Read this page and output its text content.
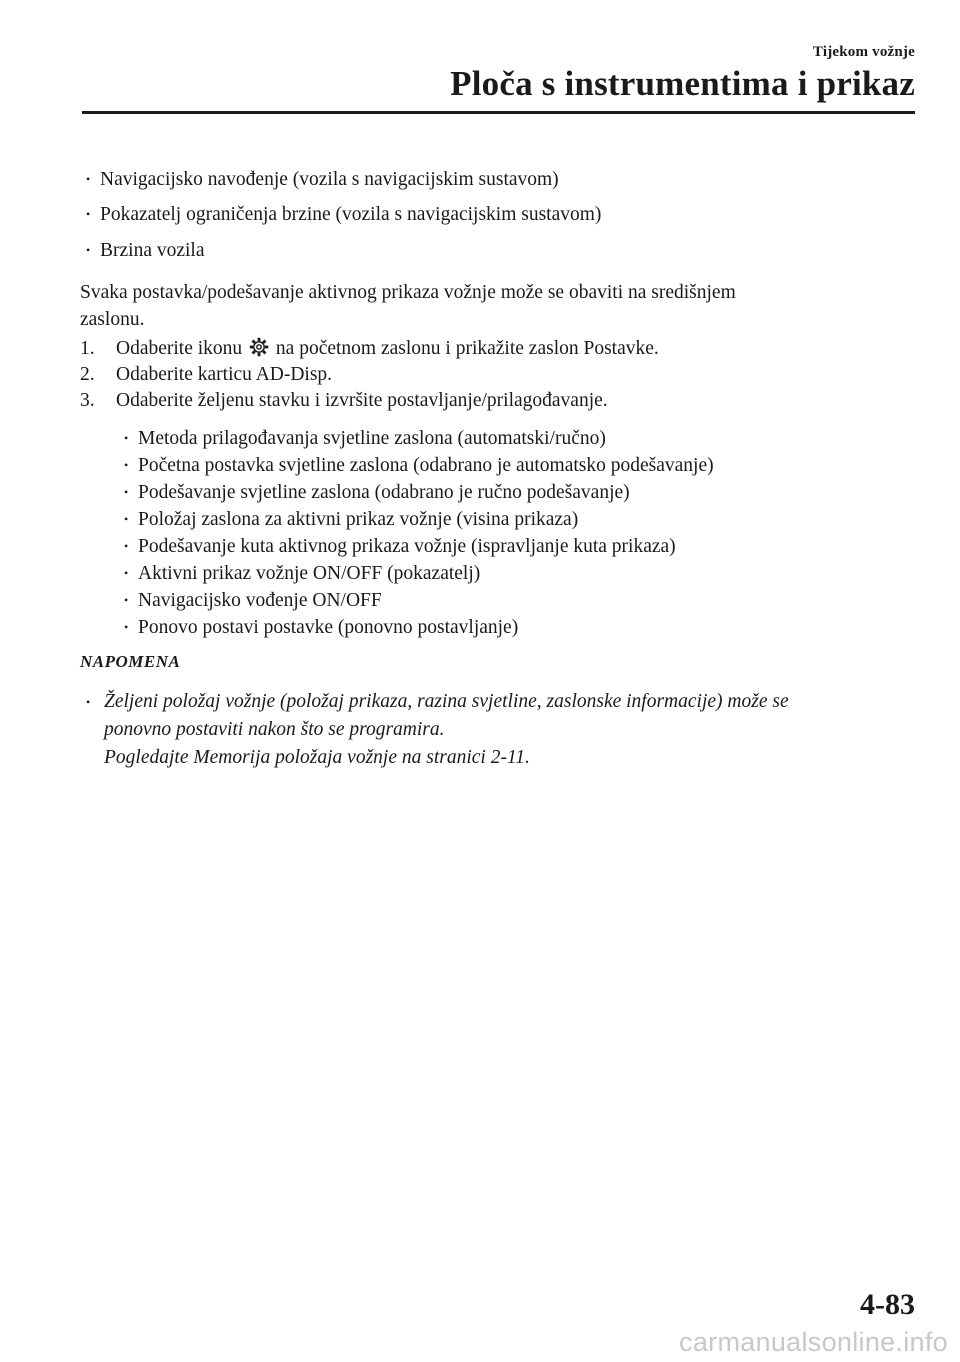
Tijekom vožnje
Ploča s instrumentima i prikaz
• Navigacijsko navođenje (vozila s navigacijskim sustavom)
• Pokazatelj ograničenja brzine (vozila s navigacijskim sustavom)
• Brzina vozila
Svaka postavka/podešavanje aktivnog prikaza vožnje može se obaviti na središnjem
zaslonu.
1. Odaberite ikonu na početnom zaslonu i prikažite zaslon Postavke.
2. Odaberite karticu AD-Disp.
3. Odaberite željenu stavku i izvršite postavljanje/prilagođavanje.
• Metoda prilagođavanja svjetline zaslona (automatski/ručno)
• Početna postavka svjetline zaslona (odabrano je automatsko podešavanje)
• Podešavanje svjetline zaslona (odabrano je ručno podešavanje)
• Položaj zaslona za aktivni prikaz vožnje (visina prikaza)
• Podešavanje kuta aktivnog prikaza vožnje (ispravljanje kuta prikaza)
• Aktivni prikaz vožnje ON/OFF (pokazatelj)
• Navigacijsko vođenje ON/OFF
• Ponovo postavi postavke (ponovno postavljanje)
NAPOMENA
• Željeni položaj vožnje (položaj prikaza, razina svjetline, zaslonske informacije) može se
ponovno postaviti nakon što se programira.
Pogledajte Memorija položaja vožnje na stranici 2-11.
4-83
carmanualsonline.info
